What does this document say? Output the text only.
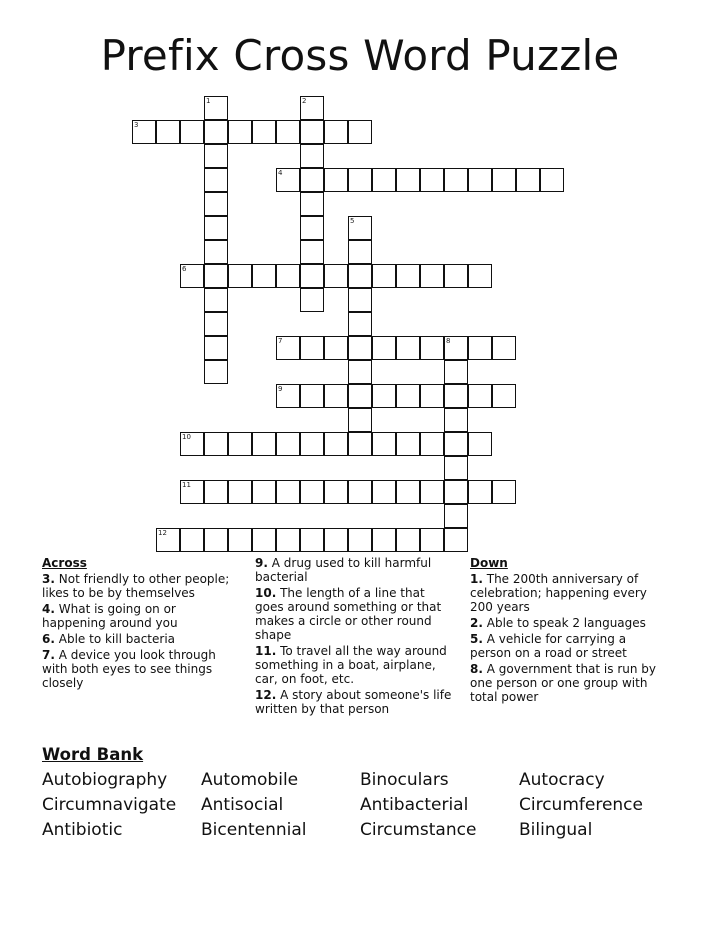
Prefix Cross Word Puzzle
3
4
6
7
9
10
11
12
1	2
5
8
Across
3. Not friendly to other people; likes to be by themselves
4. What is going on or happening around you
6. Able to kill bacteria
7. A device you look through with both eyes to see things closely
9. A drug used to kill harmful bacterial
10. The length of a line that goes around something or that makes a circle or other round shape
11. To travel all the way around something in a boat, airplane, car, on foot, etc.
12. A story about someone's life written by that person
Down
1. The 200th anniversary of celebration; happening every 200 years
2. Able to speak 2 languages
5. A vehicle for carrying a person on a road or street
8. A government that is run by one person or one group with total power
Word Bank
Autobiography	Automobile	Binoculars	Autocracy
Circumnavigate	Antisocial	Antibacterial	Circumference
Antibiotic	Bicentennial	Circumstance	Bilingual
